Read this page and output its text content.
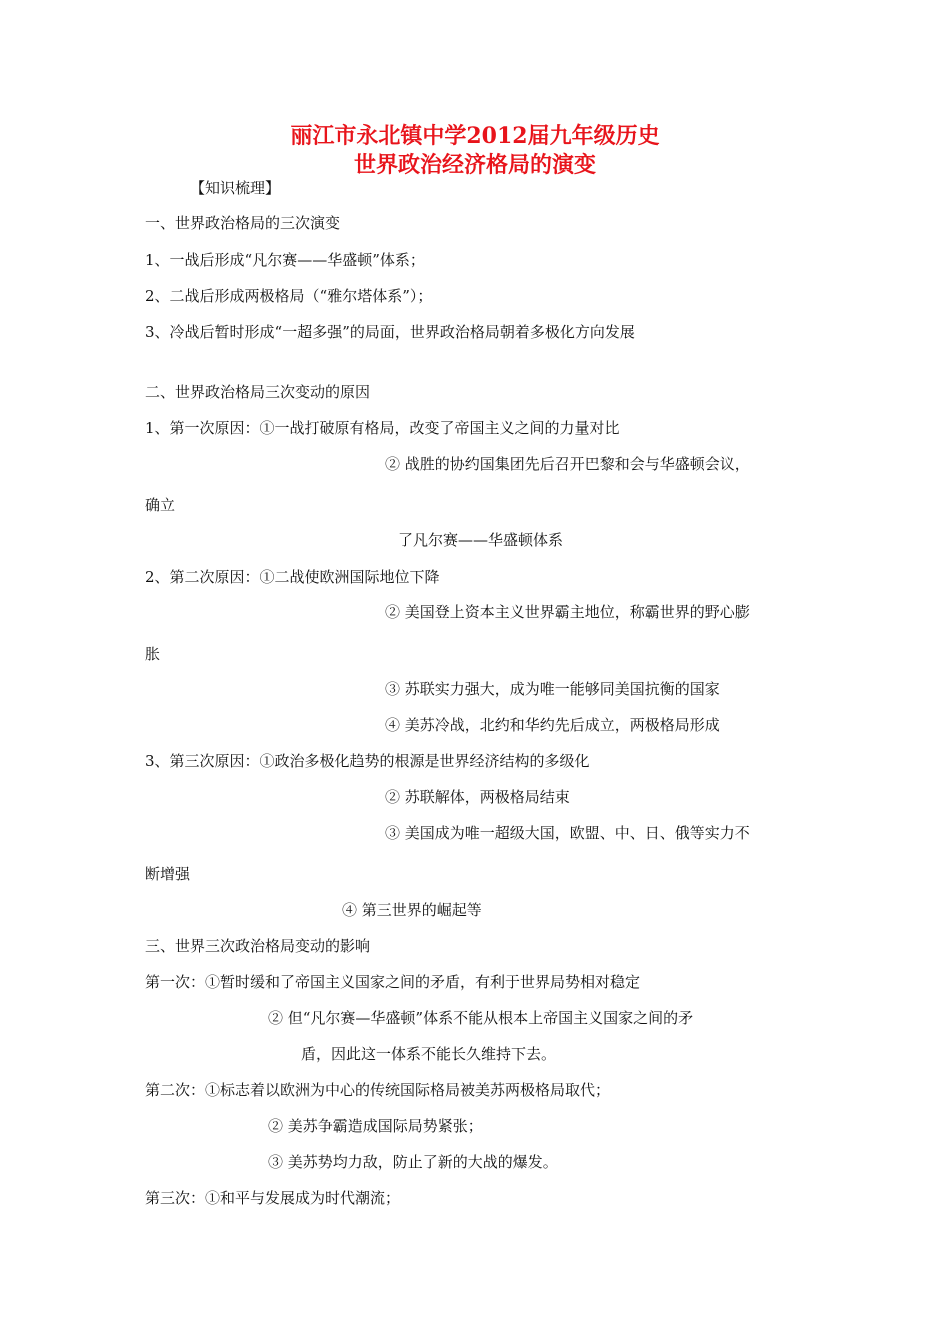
丽江市永北镇中学2012届九年级历史
世界政治经济格局的演变
【知识梳理】
一、世界政治格局的三次演变
1、一战后形成“凡尔赛——华盛顿”体系；
2、二战后形成两极格局（“雅尔塔体系”）；
3、冷战后暂时形成“一超多强”的局面，世界政治格局朝着多极化方向发展
二、世界政治格局三次变动的原因
1、第一次原因：①一战打破原有格局，改变了帝国主义之间的力量对比
② 战胜的协约国集团先后召开巴黎和会与华盛顿会议，
确立
了凡尔赛——华盛顿体系
2、第二次原因：①二战使欧洲国际地位下降
② 美国登上资本主义世界霸主地位，称霸世界的野心膨
胀
③ 苏联实力强大，成为唯一能够同美国抗衡的国家
④ 美苏冷战，北约和华约先后成立，两极格局形成
3、第三次原因：①政治多极化趋势的根源是世界经济结构的多级化
② 苏联解体，两极格局结束
③ 美国成为唯一超级大国，欧盟、中、日、俄等实力不
断增强
④ 第三世界的崛起等
三、世界三次政治格局变动的影响
第一次：①暂时缓和了帝国主义国家之间的矛盾，有利于世界局势相对稳定
② 但“凡尔赛—华盛顿”体系不能从根本上帝国主义国家之间的矛
盾，因此这一体系不能长久维持下去。
第二次：①标志着以欧洲为中心的传统国际格局被美苏两极格局取代；
② 美苏争霸造成国际局势紧张；
③ 美苏势均力敌，防止了新的大战的爆发。
第三次：①和平与发展成为时代潮流；
